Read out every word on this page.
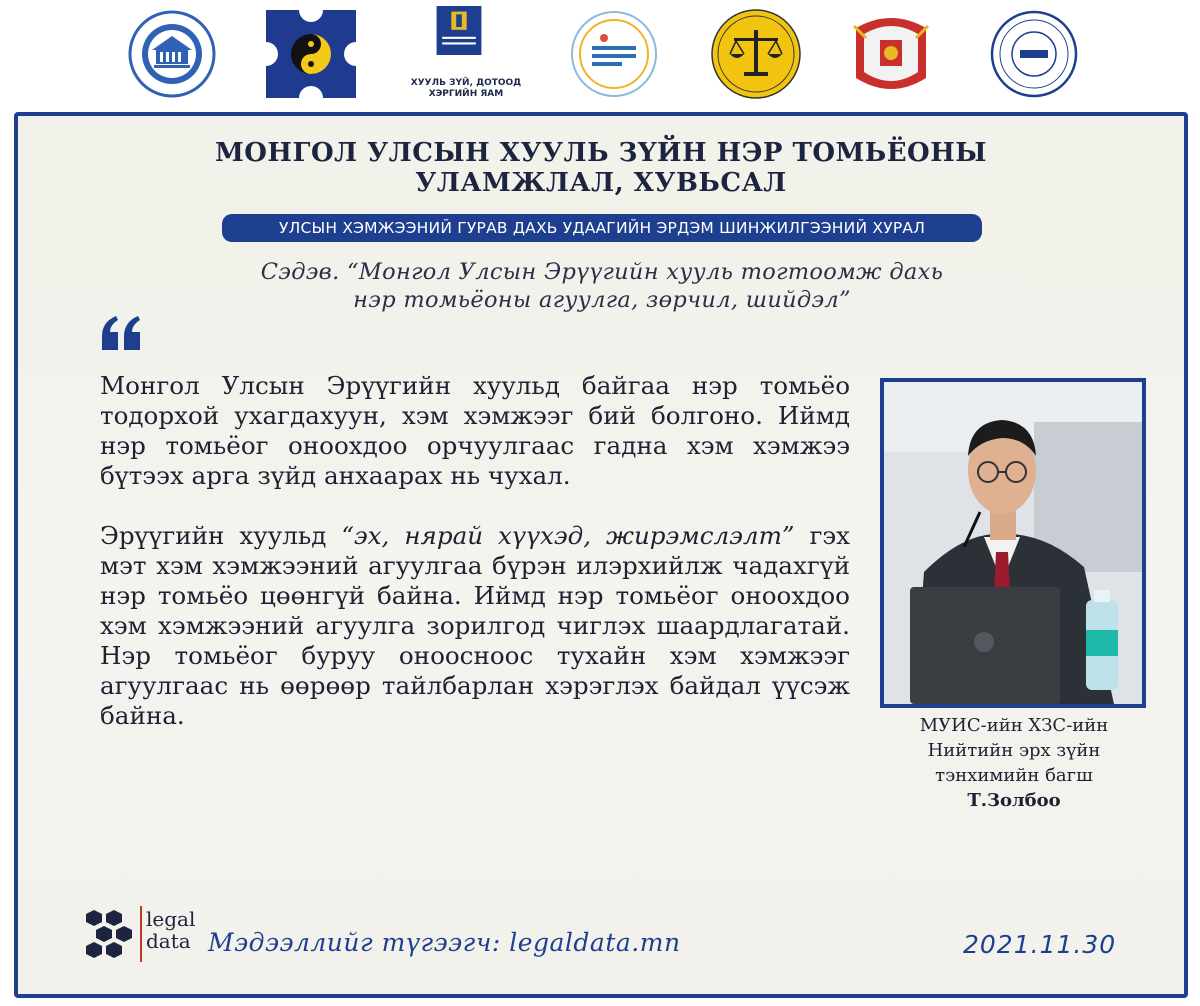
ХУУЛЬ ЗҮЙ, ДОТООД ХЭРГИЙН ЯАМ
МОНГОЛ УЛСЫН ХУУЛЬ ЗҮЙН НЭР ТОМЬЁОНЫ
УЛАМЖЛАЛ, ХУВЬСАЛ
УЛСЫН ХЭМЖЭЭНИЙ ГУРАВ ДАХЬ УДААГИЙН ЭРДЭМ ШИНЖИЛГЭЭНИЙ ХУРАЛ
Сэдэв. “Монгол Улсын Эрүүгийн хууль тогтоомж дахь
нэр томьёоны агуулга, зөрчил, шийдэл”

Монгол Улсын Эрүүгийн хуульд байгаа нэр томьёо тодорхой ухагдахуун, хэм хэмжээг бий болгоно. Иймд нэр томьёог оноохдоо орчуулгаас гадна хэм хэмжээ бүтээх арга зүйд анхаарах нь чухал.

Эрүүгийн хуульд “эх, нярай хүүхэд, жирэмслэлт” гэх мэт хэм хэмжээний агуулгаа бүрэн илэрхийлж чадахгүй нэр томьёо цөөнгүй байна. Иймд нэр томьёог оноохдоо хэм хэмжээний агуулга зорилгод чиглэх шаардлагатай. Нэр томьёог буруу оноосноос тухайн хэм хэмжээг агуулгаас нь өөрөөр тайлбарлан хэрэглэх байдал үүсэж байна.	МУИС-ийн ХЗС-ийн
Нийтийн эрх зүйн
тэнхимийн багш
Т.Золбоо
legal
data Мэдээллийг түгээгч: legaldata.mn	2021.11.30
